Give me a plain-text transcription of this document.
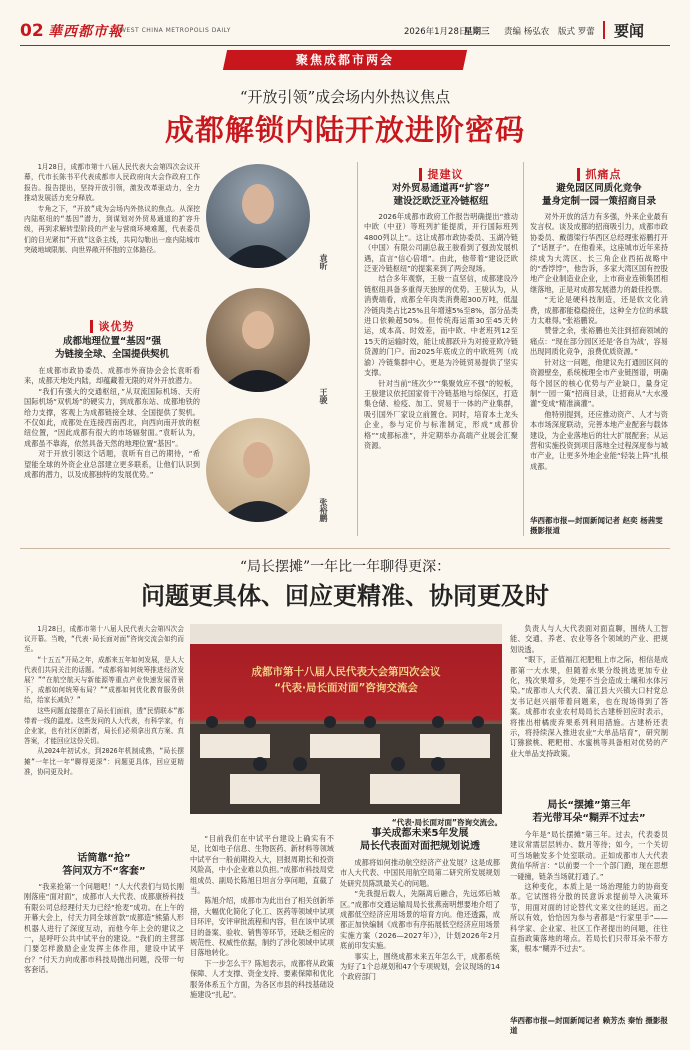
02 華西都市報
WEST CHINA METROPOLIS DAILY	2026年1月28日
星期三 责编 杨弘农 版式 罗蕾 要闻
聚焦成都市两会
“开放引领”成会场内外热议焦点
成都解锁内陆开放进阶密码

1月28日，成都市第十八届人民代表大会第四次会议开幕，代市长陈书平代表成都市人民政府向大会作政府工作报告。报告提出，坚持开放引领，激发改革驱动力，全力推动发展活力充分释放。

专角之下，“开放”成为会场内外热议的焦点。从深挖内陆枢纽的“基因”潜力，到谋划对外贸易通道的扩容升级，再到求解转型阶段的产业与营商环境难题，代表委员们的目光紧扣“开放”这条主线，共同勾勒出一座内陆城市突破地域限制、向世界敞开怀抱的立体路径。

谈优势
成都地理位置“基因”强
为链接全球、全国提供契机

在成都市政协委员、成都市外商协会会长袁昕看来，成都天地处内陆，却蕴藏着无限的对外开放潜力。

“我们有强大的交通枢纽，”从双流国际机场、天府国际机场“双机场”的硬实力，到成都东站、成都地铁的给力支撑，客观上为成都链接全球、全国提供了契机。不仅如此，成都处在连接西南西北，向西向南开放的枢纽位置，“因此成都有很大的市场辐射面。”袁昕认为，成都虽不靠海，依然具备天然的地理位置“基因”。

对于开放引领这个话题，袁昕有自己的期待，“希望能全球的外资企业总部建立更多联系，让他们认识到成都的潜力，以及成都独特的发展优势。”

袁昕
王骏
张裕鹏
提建议
对外贸易通道再“扩容”
建设泛欧泛亚冷链枢纽

2026年成都市政府工作报告明确提出“推动中欧（中亚）等班列扩能提质，开行国际班列4800列以上”。这让成都市政协委员、玉湖冷链（中国）有限公司副总裁王骏看到了强劲发展机遇，直言“信心倍增”。由此，他带着“建设泛欧泛亚冷链枢纽”的提案来到了两会现场。

结合多年观察，王骏一直坚信，成都建设冷链枢纽具备多重得天独厚的优势。王骏认为，从消费端看，成都全年肉类消费超300万吨，低温冷链肉类占比25%且年增速5%至8%，部分品类进口依赖超50%。但传统海运需30至45天转运，成本高、时效差，而中欧、中老班列12至15天的运输时效，能让成都跃升为对接亚欧冷链货源的门户。而2025年底成立的中欧班列（成渝）冷链集群中心，更是为冷链贸易提供了坚实支撑。

针对当前“班次少”“集聚效应不强”的短板，王骏建议依托国家骨干冷链基地与综保区，打造集仓储、检疫、加工、贸易于一体的产业集群，吸引国外厂家设立前置仓。同时，培育本土龙头企业，参与定价与标准制定，形成“成都价格”“成都标准”，并定期举办高端产业展会汇聚资源。

抓痛点
避免园区同质化竞争
量身定制一园一策招商目录

对外开放的活力有多强，外来企业最有发言权。谈及成都的招商吸引力，成都市政协委员、戴德梁行华西区总经理张裕鹏打开了“话匣子”。在他看来，这座城市近年来持续成为大湾区、长三角企业西拓战略中的“香饽饽”，他告诉，多家大湾区国有控股地产企业制造业企业，上市商业连锁集团相继落地，正是对成都发展潜力的最佳投票。

“无论是硬科技制造，还是软文化消费，成都都能稳稳接住，这种全方位的承载力太难得。”张裕鹏说。

赞誉之余，张裕鹏也关注到招商领域的痛点：“现在部分园区还是‘各自为战’，容易出现同质化竞争，浪费优质资源。”

针对这一问题，他建议先打通园区间的资源壁垒，系统梳理全市产业链图谱，明确每个园区的核心优势与产业缺口，量身定制“一园一策”招商目录，让招商从“大水漫灌”变成“精准滴灌”。

他特别提到，还应推动资产、人才与资本市场深度联动，完善本地产业配套与载体建设，为企业落地后的壮大扩展配套；从运营和实施投资到项目落地全过程深度参与城市产业，让更多外地企业能“轻装上阵”扎根成都。

华西都市报—封面新闻记者 赵奕 杨茜雯 摄影报道
“局长摆摊”一年比一年聊得更深：
问题更具体、回应更精准、协同更及时

1月28日，成都市第十八届人民代表大会第四次会议开幕。当晚，“代表·局长面对面”咨询交流会如约而至。

“十五五”开局之年，成都来五年如何发展，是人大代表们共同关注的话题。“成都将如何统筹推进经济发展？”“在航空航天与新能源等重点产业快速发展背景下，成都如何统筹布局？”“成都如何优化教育服务供给，给家长减负？”

这些问题直接摆在了局长们面前，透“民情联本”都带着一线的温度。这些发问的人大代表，有科学家，有企业家，也有社区创新者，局长们必须拿出真方案、真答案，才能回应这份关切。

从2024年初试水，到2026年机制成熟，“局长摆摊”一年比一年“聊得更深”：问题更具体，回应更精准，协同更及时。

话筒靠“抢”
答问双方不“客套”

“我来抢第一个问题吧！”人大代表们与局长刚刚落座“面对面”，成都市人大代表、成都康桥科技有限公司总经理付天力已经“抢麦”成功。在上午的开幕大会上，付天力同全球首款“成都造”熊猫人形机器人进行了深度互动，而他今年上会的建议之一，是呼吁公共中试平台的建设。“我们的主营部门要怎样激励企业发挥主体作用，建设中试平台？”付天力向成都市科技局抛出问题，没带一句客套话。

成都市第十八届人民代表大会第四次会议
“代表·局长面对面”咨询交流会
“代表·局长面对面”咨询交流会。

“目前我们在中试平台建设上确实有不足，比如电子信息、生物医药、新材料等领域中试平台一般前期投入大，回报周期长和投资风险高，中小企业难以负担。”成都市科技局党组成员、副局长陈旭日坦言分享问题，直截了当。

陈旭介绍，成都市为此出台了相关创新举措，大幅优化简化了化工、医药等领域中试项目环评，安评审批流程和内容，但在该中试项目的备案、验收、销售等环节，还缺乏相应的规范性、权威性依据，制约了涉化领域中试项目落地转化。

下一步怎么干？陈旭表示，成都将从政策保障、人才支撑、资金支持、要素保障和优化服务体系五个方面，为各区市县的科技基础设施建设“扎起”。

事关成都未来5年发展
局长代表面对面把规划说透

成都将如何推动航空经济产业发展？这是成都市人大代表、中国民用航空局第二研究所发展规划处研究员陈凯最关心的问题。

“先我提后载人，先隔离后融合，先远郊后城区。”成都市交通运输局局长张燕南明想要地介绍了成都低空经济应用场景的培育方向。他还透露，成都正加快编制《成都市有序拓展低空经济应用场景实施方案（2026—2027年）》，计划2026年2月底前印发实施。

事实上，围绕成都未来五年怎么干，成都系统为好了1个总规划和47个专项规划，会议现场的14个政府部门

负责人与人大代表面对面直聊，围绕人工智能、交通、养老、农业等各个领域的产业、把规划说透。

“眼下，正值福江祀肥粗上市之际，相信是成都第一大水果，但随着水果分级挑选更加专业化，残次果增多，处理不当会造成土壤和水体污染。”成都市人大代表、蒲江县大兴镇大口村党总支书记赵兴丽带着问题来，也在现场得到了答案。成都市农业农村局局长古建桥回应时表示，将推出柑橘废弃果系列利用措施。古建桥还表示，将持续深入推进农业“大单品培育”，研究制订猕猴桃、粑粑柑、水蜜桃等具备相对优势的产业大单品支持政策。

局长“摆摊”第三年
若光带耳朵“糊弄不过去”

今年是“局长摆摊”第三年。过去，代表委员建议常需层层转办、数月等待；如今，一个关切可当场触发多个处室联动。正如成都市人大代表黄仙华所言：“以前要一个一个部门跑，现在思想一碰撞，链条当场就打通了。”

这种变化，本质上是一场治理能力的协商变革。它试图将分散的民意诉求提前导入决策环节，用面对面的讨论替代文来文往的延迟。而之所以有效，恰恰因为参与者都是“行家里手”——科学家、企业家、社区工作者提出的问题，往往直指政策落地的堵点。若局长们只带耳朵不带方案，根本“糊弄不过去”。

华西都市报—封面新闻记者 赖芳杰 秦怡 摄影报道
